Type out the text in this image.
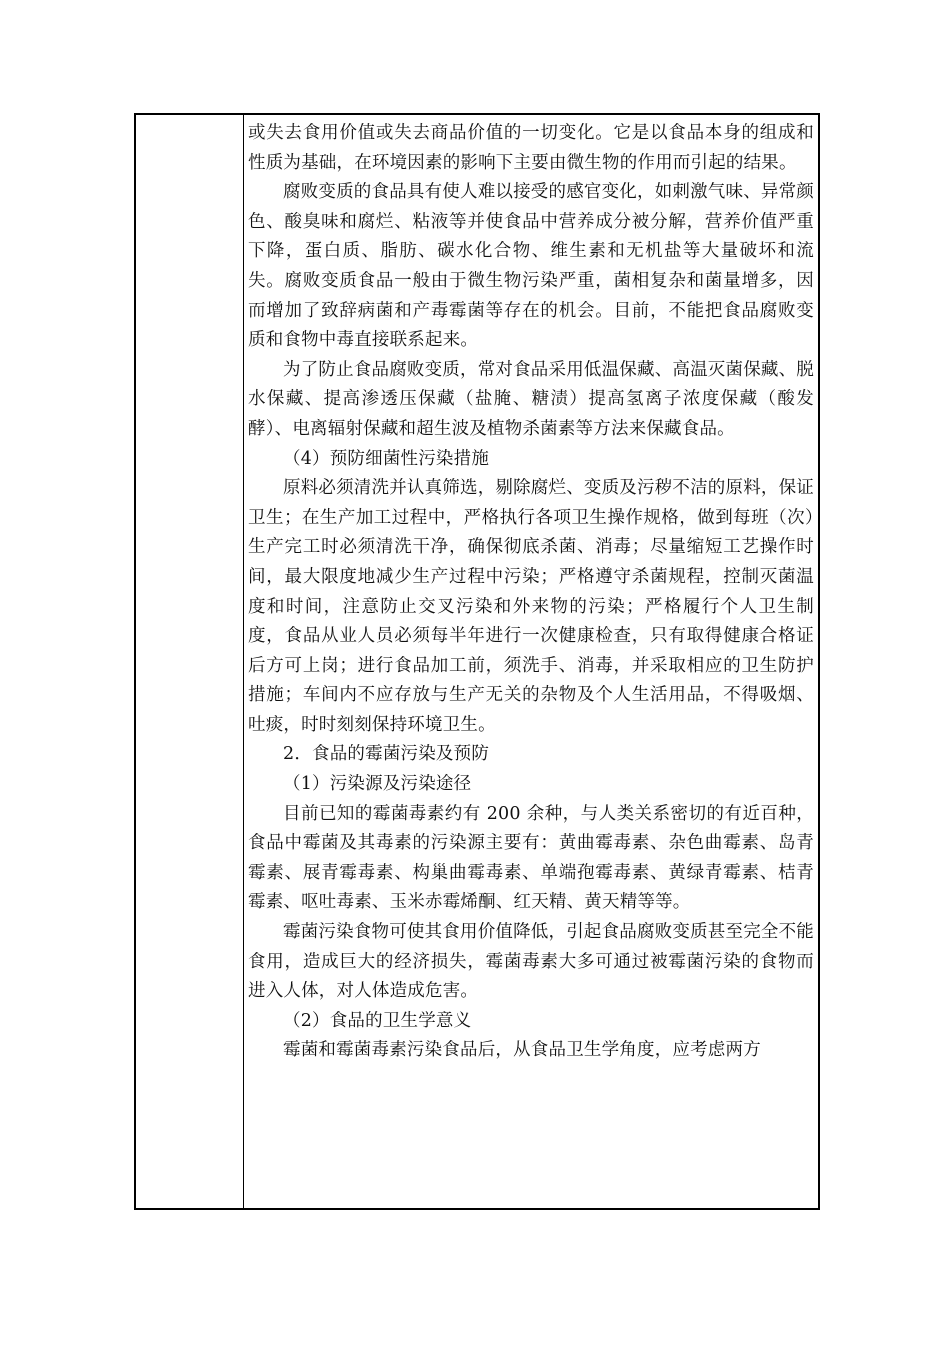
或失去食用价值或失去商品价值的一切变化。它是以食品本身的组成和性质为基础，在环境因素的影响下主要由微生物的作用而引起的结果。

腐败变质的食品具有使人难以接受的感官变化，如刺激气味、异常颜色、酸臭味和腐烂、粘液等并使食品中营养成分被分解，营养价值严重下降，蛋白质、脂肪、碳水化合物、维生素和无机盐等大量破坏和流失。腐败变质食品一般由于微生物污染严重，菌相复杂和菌量增多，因而增加了致辞病菌和产毒霉菌等存在的机会。目前，不能把食品腐败变质和食物中毒直接联系起来。

为了防止食品腐败变质，常对食品采用低温保藏、高温灭菌保藏、脱水保藏、提高渗透压保藏（盐腌、糖渍）提高氢离子浓度保藏（酸发酵）、电离辐射保藏和超生波及植物杀菌素等方法来保藏食品。

（4）预防细菌性污染措施

原料必须清洗并认真筛选，剔除腐烂、变质及污秽不洁的原料，保证卫生；在生产加工过程中，严格执行各项卫生操作规格，做到每班（次）生产完工时必须清洗干净，确保彻底杀菌、消毒；尽量缩短工艺操作时间，最大限度地减少生产过程中污染；严格遵守杀菌规程，控制灭菌温度和时间，注意防止交叉污染和外来物的污染；严格履行个人卫生制度，食品从业人员必须每半年进行一次健康检查，只有取得健康合格证后方可上岗；进行食品加工前，须洗手、消毒，并采取相应的卫生防护措施；车间内不应存放与生产无关的杂物及个人生活用品，不得吸烟、吐痰，时时刻刻保持环境卫生。

2．食品的霉菌污染及预防

（1）污染源及污染途径

目前已知的霉菌毒素约有 200 余种，与人类关系密切的有近百种，食品中霉菌及其毒素的污染源主要有：黄曲霉毒素、杂色曲霉素、岛青霉素、展青霉毒素、构巢曲霉毒素、单端孢霉毒素、黄绿青霉素、桔青霉素、呕吐毒素、玉米赤霉烯酮、红天精、黄天精等等。

霉菌污染食物可使其食用价值降低，引起食品腐败变质甚至完全不能食用，造成巨大的经济损失，霉菌毒素大多可通过被霉菌污染的食物而进入人体，对人体造成危害。

（2）食品的卫生学意义

霉菌和霉菌毒素污染食品后，从食品卫生学角度，应考虑两方
